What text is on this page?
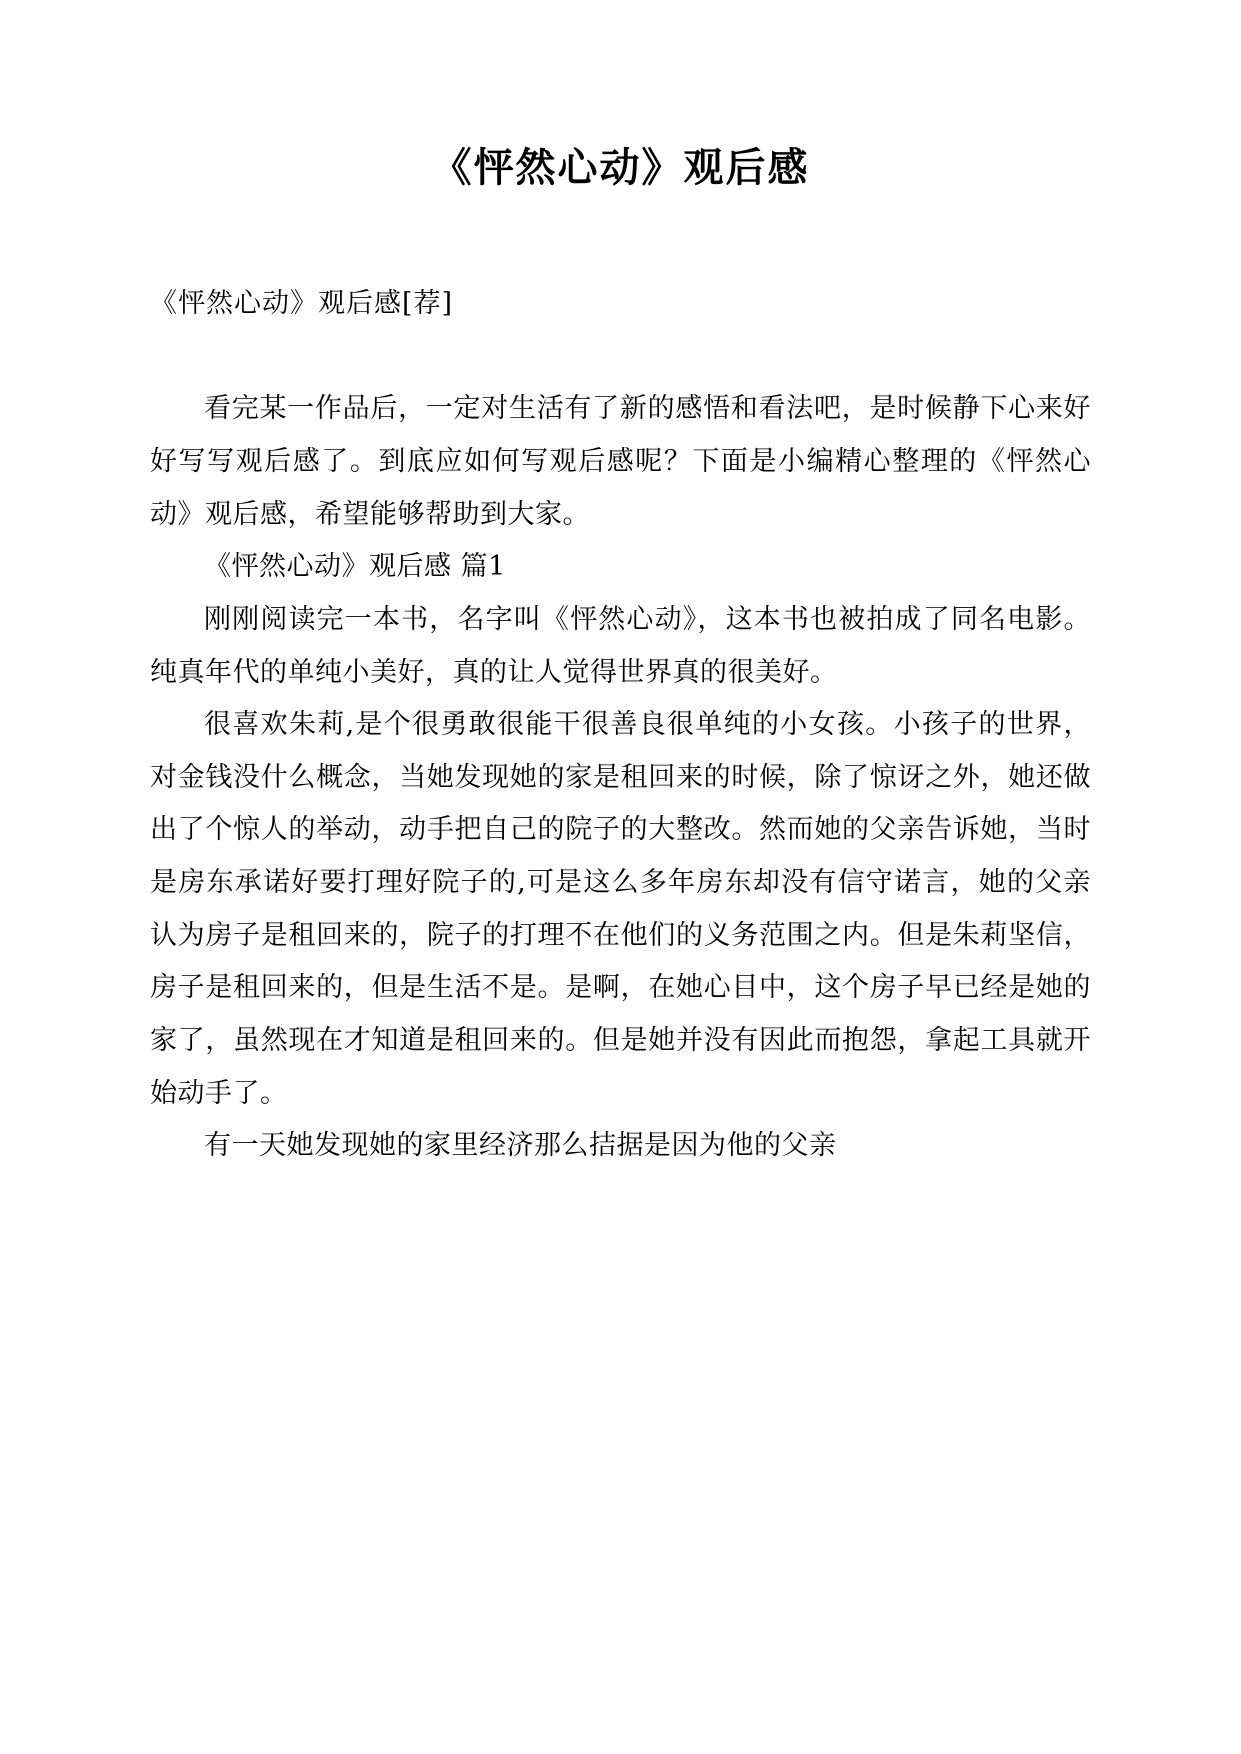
《怦然心动》观后感

《怦然心动》观后感[荐]

看完某一作品后，一定对生活有了新的感悟和看法吧，是时候静下心来好好写写观后感了。到底应如何写观后感呢？下面是小编精心整理的《怦然心动》观后感，希望能够帮助到大家。

《怦然心动》观后感 篇1

刚刚阅读完一本书，名字叫《怦然心动》，这本书也被拍成了同名电影。纯真年代的单纯小美好，真的让人觉得世界真的很美好。

很喜欢朱莉,是个很勇敢很能干很善良很单纯的小女孩。小孩子的世界，对金钱没什么概念，当她发现她的家是租回来的时候，除了惊讶之外，她还做出了个惊人的举动，动手把自己的院子的大整改。然而她的父亲告诉她，当时是房东承诺好要打理好院子的,可是这么多年房东却没有信守诺言，她的父亲认为房子是租回来的，院子的打理不在他们的义务范围之内。但是朱莉坚信，房子是租回来的，但是生活不是。是啊，在她心目中，这个房子早已经是她的家了，虽然现在才知道是租回来的。但是她并没有因此而抱怨，拿起工具就开始动手了。

有一天她发现她的家里经济那么拮据是因为他的父亲
